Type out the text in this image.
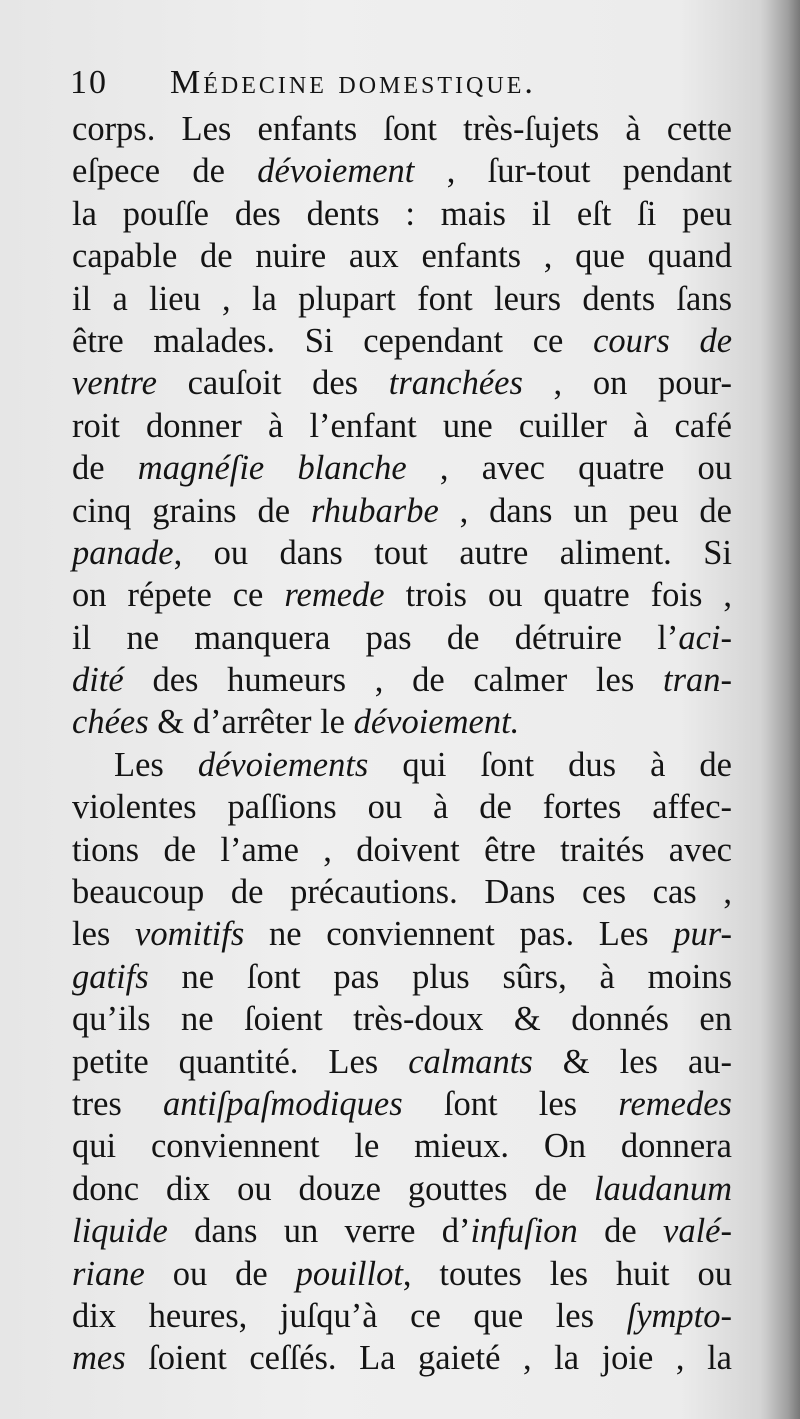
10 Médecine domestique.
corps. Les enfants ſont très-ſujets à cette
eſpece de dévoiement , ſur-tout pendant
la pouſſe des dents : mais il eſt ſi peu
capable de nuire aux enfants , que quand
il a lieu , la plupart font leurs dents ſans
être malades. Si cependant ce cours de
ventre cauſoit des tranchées , on pour-
roit donner à l’enfant une cuiller à café
de magnéſie blanche , avec quatre ou
cinq grains de rhubarbe , dans un peu de
panade, ou dans tout autre aliment. Si
on répete ce remede trois ou quatre fois ,
il ne manquera pas de détruire l’aci-
dité des humeurs , de calmer les tran-
chées & d’arrêter le dévoiement.
Les dévoiements qui ſont dus à de
violentes paſſions ou à de fortes affec-
tions de l’ame , doivent être traités avec
beaucoup de précautions. Dans ces cas ,
les vomitifs ne conviennent pas. Les pur-
gatifs ne ſont pas plus sûrs, à moins
qu’ils ne ſoient très-doux & donnés en
petite quantité. Les calmants & les au-
tres antiſpaſmodiques ſont les remedes
qui conviennent le mieux. On donnera
donc dix ou douze gouttes de laudanum
liquide dans un verre d’infuſion de valé-
riane ou de pouillot, toutes les huit ou
dix heures, juſqu’à ce que les ſympto-
mes ſoient ceſſés. La gaieté , la joie , la
